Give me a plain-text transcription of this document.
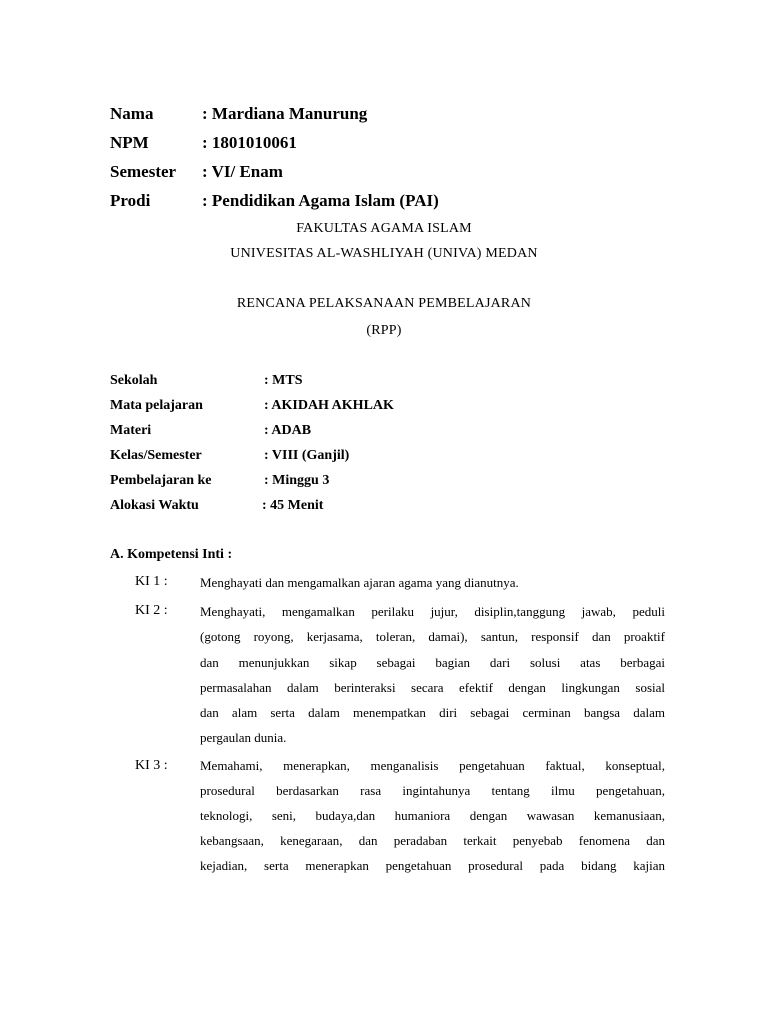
Nama	: Mardiana Manurung
NPM	: 1801010061
Semester : VI/ Enam
Prodi	: Pendidikan Agama Islam (PAI)
FAKULTAS AGAMA ISLAM
UNIVESITAS AL-WASHLIYAH (UNIVA) MEDAN
RENCANA PELAKSANAAN PEMBELAJARAN
(RPP)
Sekolah	: MTS
Mata pelajaran	: AKIDAH AKHLAK
Materi	: ADAB
Kelas/Semester	: VIII (Ganjil)
Pembelajaran ke	: Minggu 3
Alokasi Waktu	: 45 Menit
A. Kompetensi Inti :
KI 1 : Menghayati dan mengamalkan ajaran agama yang dianutnya.
KI 2 : Menghayati, mengamalkan perilaku jujur, disiplin,tanggung jawab, peduli
(gotong royong, kerjasama, toleran, damai), santun, responsif dan proaktif
dan menunjukkan sikap sebagai bagian dari solusi atas berbagai
permasalahan dalam berinteraksi secara efektif dengan lingkungan sosial
dan alam serta dalam menempatkan diri sebagai cerminan bangsa dalam
pergaulan dunia.
KI 3 : Memahami, menerapkan, menganalisis pengetahuan faktual, konseptual,
prosedural berdasarkan rasa ingintahunya tentang ilmu pengetahuan,
teknologi, seni, budaya,dan humaniora dengan wawasan kemanusiaan,
kebangsaan, kenegaraan, dan peradaban terkait penyebab fenomena dan
kejadian, serta menerapkan pengetahuan prosedural pada bidang kajian
